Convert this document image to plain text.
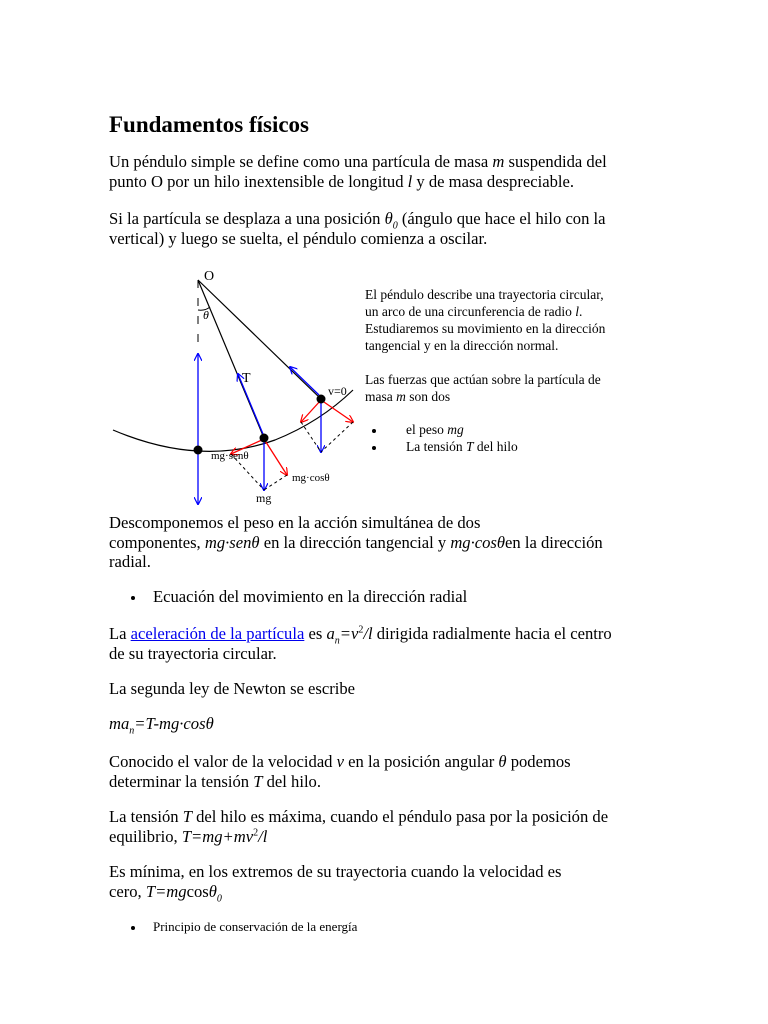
Fundamentos físicos
Un péndulo simple se define como una partícula de masa m suspendida del
punto O por un hilo inextensible de longitud l y de masa despreciable.
Si la partícula se desplaza a una posición $\theta_0$ (ángulo que hace el hilo con la
vertical) y luego se suelta, el péndulo comienza a oscilar.
O
θ
T
v=0
mg·senθ
mg·cosθ
mg
El péndulo describe una trayectoria circular,
un arco de una circunferencia de radio l.
Estudiaremos su movimiento en la dirección
tangencial y en la dirección normal.
Las fuerzas que actúan sobre la partícula de
masa m son dos
el peso mg
La tensión T del hilo
Descomponemos el peso en la acción simultánea de dos
componentes, mg·senθ en la dirección tangencial y mg·cosθen la dirección
radial.
Ecuación del movimiento en la dirección radial
La aceleración de la partícula es $a_n=v^2/l$ dirigida radialmente hacia el centro
de su trayectoria circular.
La segunda ley de Newton se escribe
$ma_n=T-mg\cdot\cos\theta$
Conocido el valor de la velocidad v en la posición angular θ podemos
determinar la tensión T del hilo.
La tensión T del hilo es máxima, cuando el péndulo pasa por la posición de
equilibrio, $T=mg+mv^2/l$
Es mínima, en los extremos de su trayectoria cuando la velocidad es
cero, T=mgcosθ$_0$
Principio de conservación de la energía
